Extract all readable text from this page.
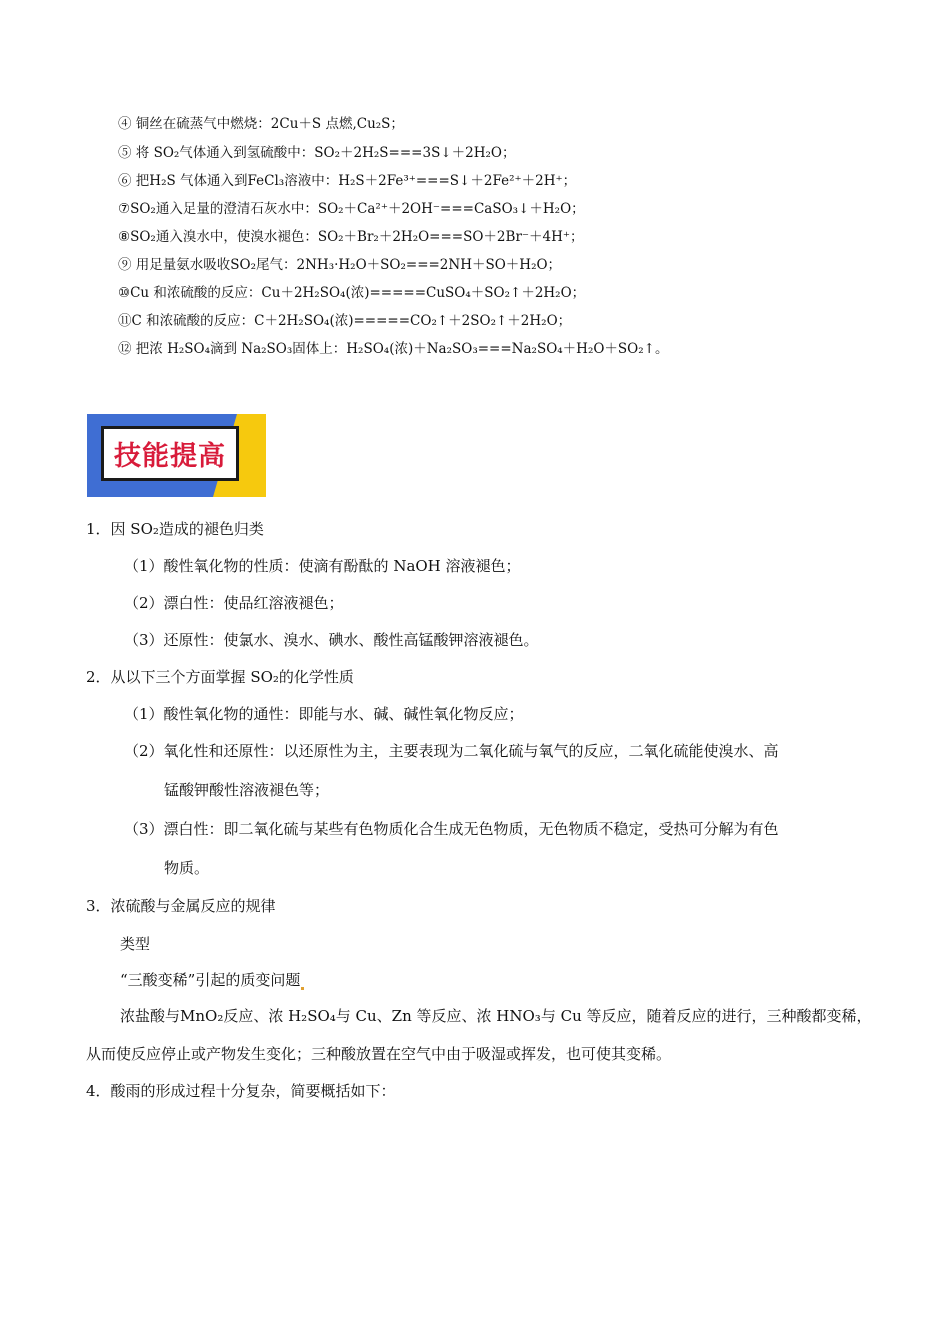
④ 铜丝在硫蒸气中燃烧：2Cu＋S 点燃,Cu₂S；
⑤ 将 SO₂气体通入到氢硫酸中：SO₂＋2H₂S===3S↓＋2H₂O；
⑥ 把H₂S 气体通入到FeCl₃溶液中：H₂S＋2Fe³⁺===S↓＋2Fe²⁺＋2H⁺；
⑦SO₂通入足量的澄清石灰水中：SO₂＋Ca²⁺＋2OH⁻===CaSO₃↓＋H₂O；
⑧SO₂通入溴水中，使溴水褪色：SO₂＋Br₂＋2H₂O===SO＋2Br⁻＋4H⁺；
⑨ 用足量氨水吸收SO₂尾气：2NH₃·H₂O＋SO₂===2NH＋SO＋H₂O；
⑩Cu 和浓硫酸的反应：Cu＋2H₂SO₄(浓)=====CuSO₄＋SO₂↑＋2H₂O；
⑪C 和浓硫酸的反应：C＋2H₂SO₄(浓)=====CO₂↑＋2SO₂↑＋2H₂O；
⑫ 把浓 H₂SO₄滴到 Na₂SO₃固体上：H₂SO₄(浓)＋Na₂SO₃===Na₂SO₄＋H₂O＋SO₂↑。
技能提高
1．因 SO₂造成的褪色归类
（1）酸性氧化物的性质：使滴有酚酞的 NaOH 溶液褪色；
（2）漂白性：使品红溶液褪色；
（3）还原性：使氯水、溴水、碘水、酸性高锰酸钾溶液褪色。
2．从以下三个方面掌握 SO₂的化学性质
（1）酸性氧化物的通性：即能与水、碱、碱性氧化物反应；
（2）氧化性和还原性：以还原性为主，主要表现为二氧化硫与氧气的反应，二氧化硫能使溴水、高
锰酸钾酸性溶液褪色等；
（3）漂白性：即二氧化硫与某些有色物质化合生成无色物质，无色物质不稳定，受热可分解为有色
物质。
3．浓硫酸与金属反应的规律
类型
“三酸变稀”引起的质变问题
浓盐酸与MnO₂反应、浓 H₂SO₄与 Cu、Zn 等反应、浓 HNO₃与 Cu 等反应，随着反应的进行，三种酸都变稀，
从而使反应停止或产物发生变化；三种酸放置在空气中由于吸湿或挥发，也可使其变稀。
4．酸雨的形成过程十分复杂，简要概括如下：
